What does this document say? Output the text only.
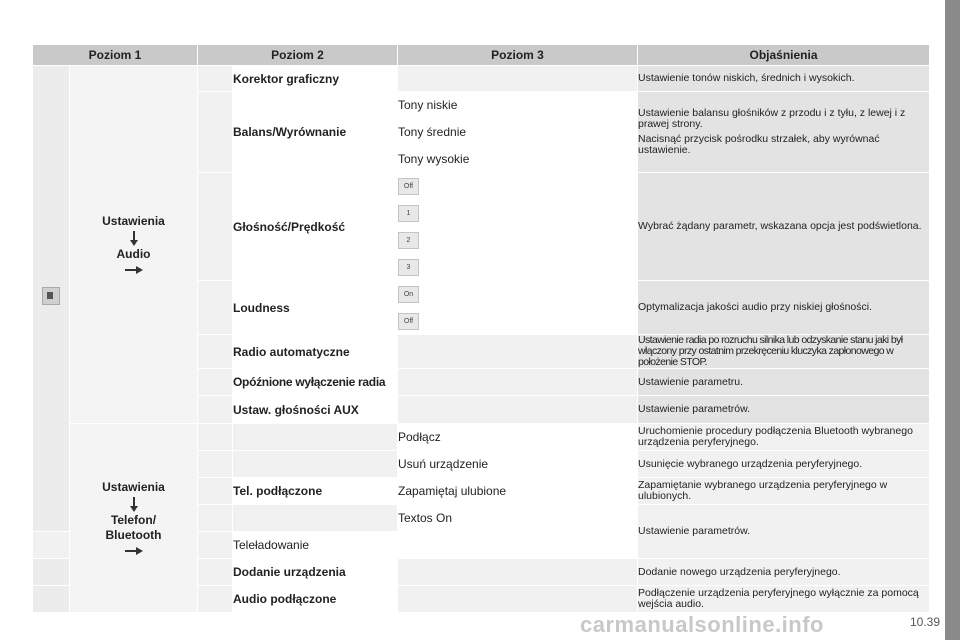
Poziom 1		Poziom 2		Poziom 3	Objaśnienia

	Ustawienia
Audio		Korektor graficzny		Ustawienie tonów niskich, średnich i wysokich.
			Balans/Wyrównanie	Tony niskie	Ustawienie balansu głośników z przodu i z tyłu, z lewej i z prawej strony.
Nacisnąć przycisk pośrodku strzałek, aby wyrównać ustawienie.

				Tony średnie	
				Tony wysokie	
			Głośność/Prędkość	Off	Wybrać żądany parametr, wskazana opcja jest podświetlona.
				1	
				2	
				3	
			Loudness	On	Optymalizacja jakości audio przy niskiej głośności.
				Off	
			Radio automatyczne		Ustawienie radia po rozruchu silnika lub odzyskanie stanu jaki był włączony przy ostatnim przekręceniu kluczyka zapłonowego w położenie STOP.
			Opóźnione wyłączenie radia		Ustawienie parametru.
			Ustaw. głośności AUX		Ustawienie parametrów.

	Ustawienia
Telefon/
Bluetooth			Podłącz	Uruchomienie procedury podłączenia Bluetooth wybranego urządzenia peryferyjnego.
				Usuń urządzenie	Usunięcie wybranego urządzenia peryferyjnego.
			Tel. podłączone	Zapamiętaj ulubione	Zapamiętanie wybranego urządzenia peryferyjnego w ulubionych.
				Textos On	Ustawienie parametrów.
			Teleładowanie		
			Dodanie urządzenia		Dodanie nowego urządzenia peryferyjnego.
			Audio podłączone		Podłączenie urządzenia peryferyjnego wyłącznie za pomocą wejścia audio.
carmanualsonline.info	10.39
